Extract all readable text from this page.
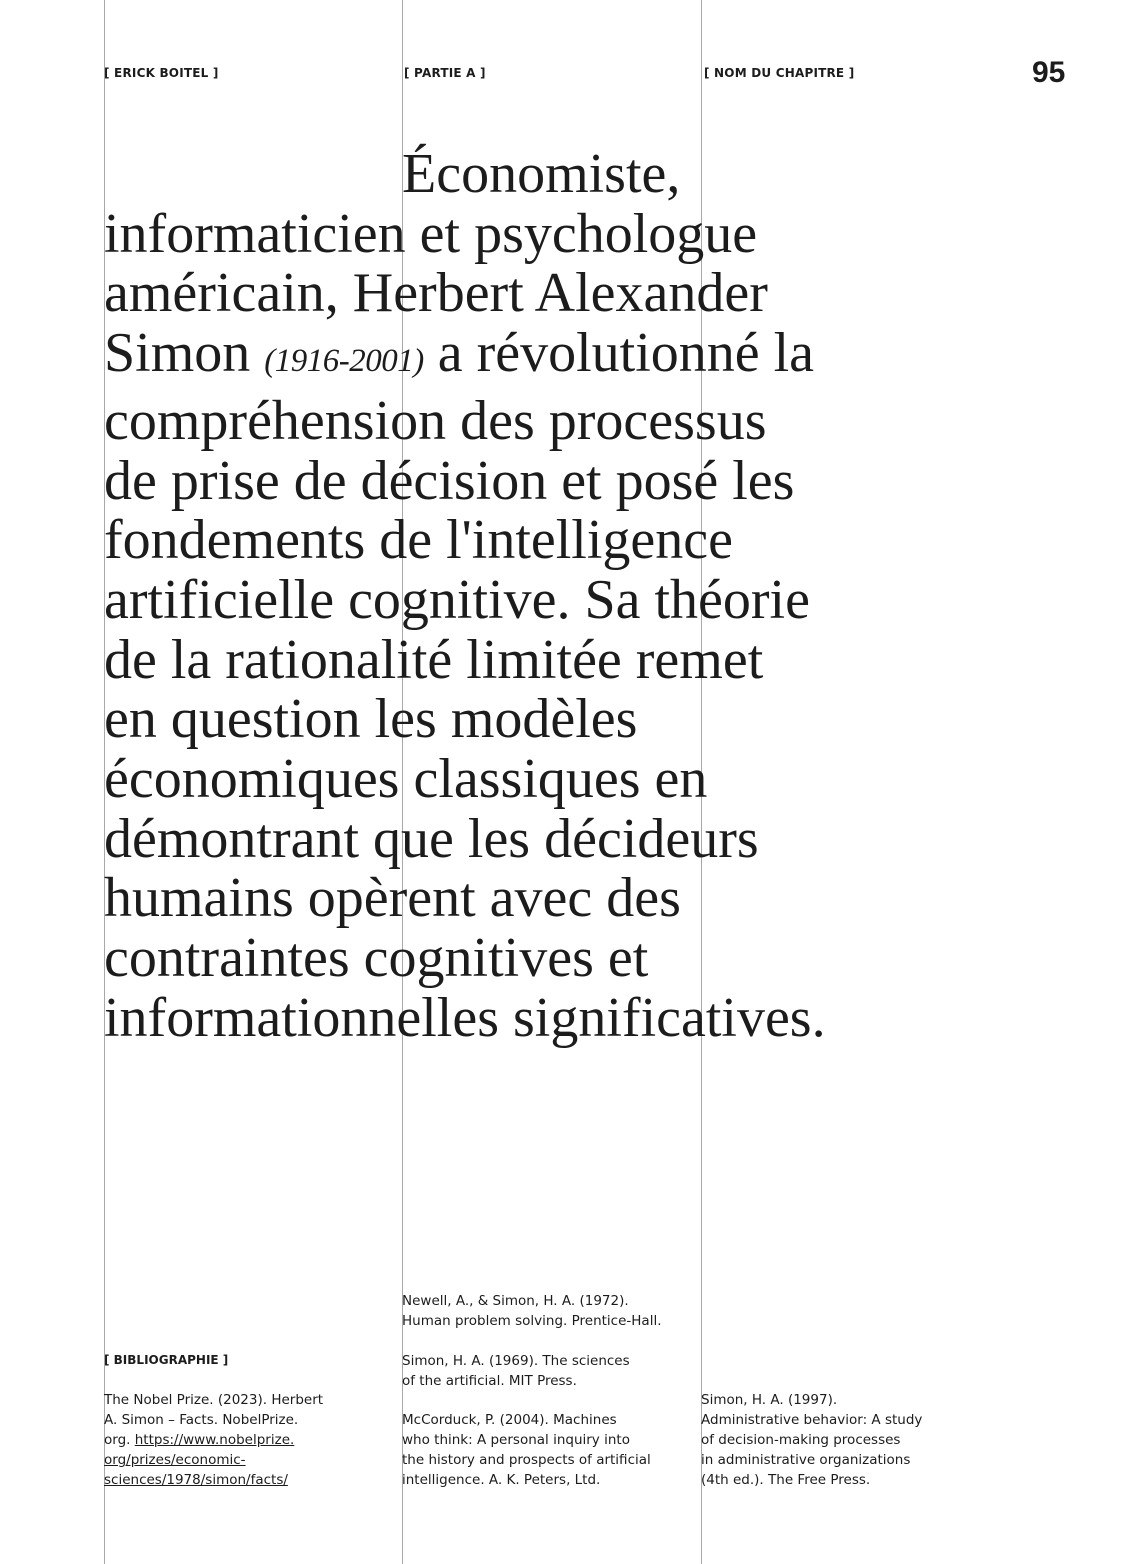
[ ERICK BOITEL ]	[ PARTIE A ]	[ NOM DU CHAPITRE ]	95

Économiste,
informaticien et psychologue
américain, Herbert Alexander
Simon (1916-2001) a révolutionné la
compréhension des processus
de prise de décision et posé les
fondements de l'intelligence
artificielle cognitive. Sa théorie
de la rationalité limitée remet
en question les modèles
économiques classiques en
démontrant que les décideurs
humains opèrent avec des
contraintes cognitives et
informationnelles significatives.

[ BIBLIOGRAPHIE ]
The Nobel Prize. (2023). Herbert
A. Simon – Facts. NobelPrize.
org. https://www.nobelprize.
org/prizes/economic-
sciences/1978/simon/facts/
Newell, A., & Simon, H. A. (1972).
Human problem solving. Prentice-Hall.
Simon, H. A. (1969). The sciences
of the artificial. MIT Press.
McCorduck, P. (2004). Machines
who think: A personal inquiry into
the history and prospects of artificial
intelligence. A. K. Peters, Ltd.
Simon, H. A. (1997).
Administrative behavior: A study
of decision-making processes
in administrative organizations
(4th ed.). The Free Press.
